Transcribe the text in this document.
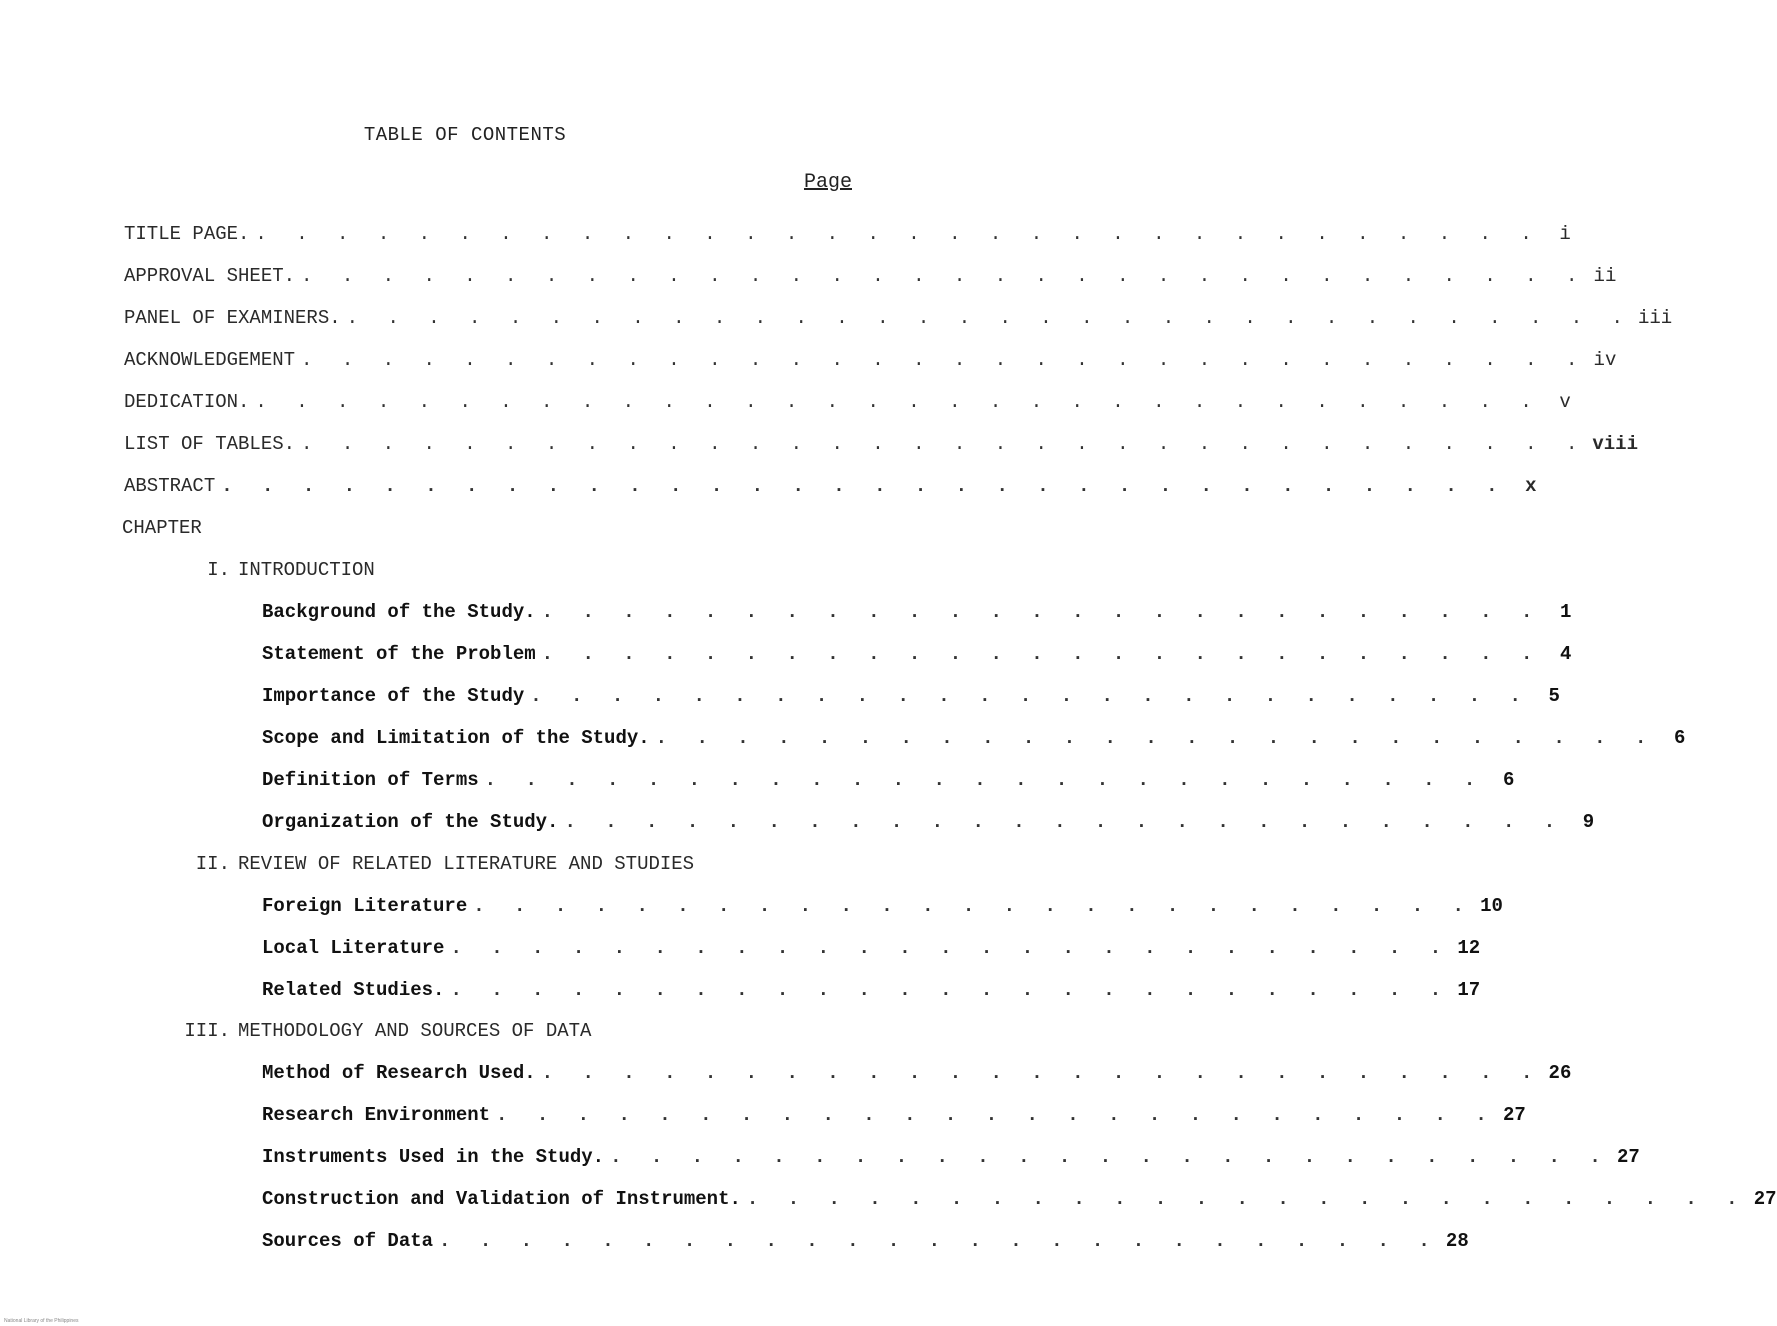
TABLE OF CONTENTS
Page
TITLE PAGE. . . . . . . . . . . . . . . . . . . . . . . . . . . . . . . . . i
APPROVAL SHEET. . . . . . . . . . . . . . . . . . . . . . . . . . . . . . . . . ii
PANEL OF EXAMINERS. . . . . . . . . . . . . . . . . . . . . . . . . . . . . . . . . iii
ACKNOWLEDGEMENT . . . . . . . . . . . . . . . . . . . . . . . . . . . . . . . . iv
DEDICATION. . . . . . . . . . . . . . . . . . . . . . . . . . . . . . . . . v
LIST OF TABLES. . . . . . . . . . . . . . . . . . . . . . . . . . . . . . . . . viii
ABSTRACT . . . . . . . . . . . . . . . . . . . . . . . . . . . . . . . . x
CHAPTER
I. INTRODUCTION
Background of the Study. . . . . . . . . . . . . . . . . . . . . . . . . . 1
Statement of the Problem . . . . . . . . . . . . . . . . . . . . . . . . . 4
Importance of the Study . . . . . . . . . . . . . . . . . . . . . . . . . 5
Scope and Limitation of the Study. . . . . . . . . . . . . . . . . . . . . . . . . . 6
Definition of Terms . . . . . . . . . . . . . . . . . . . . . . . . . 6
Organization of the Study. . . . . . . . . . . . . . . . . . . . . . . . . . 9
II. REVIEW OF RELATED LITERATURE AND STUDIES
Foreign Literature . . . . . . . . . . . . . . . . . . . . . . . . . 10
Local Literature . . . . . . . . . . . . . . . . . . . . . . . . . 12
Related Studies. . . . . . . . . . . . . . . . . . . . . . . . . . 17
III. METHODOLOGY AND SOURCES OF DATA
Method of Research Used. . . . . . . . . . . . . . . . . . . . . . . . . . 26
Research Environment . . . . . . . . . . . . . . . . . . . . . . . . . 27
Instruments Used in the Study. . . . . . . . . . . . . . . . . . . . . . . . . . 27
Construction and Validation of Instrument. . . . . . . . . . . . . . . . . . . . . . . . . . 27
Sources of Data . . . . . . . . . . . . . . . . . . . . . . . . . 28
National Library of the Philippines
